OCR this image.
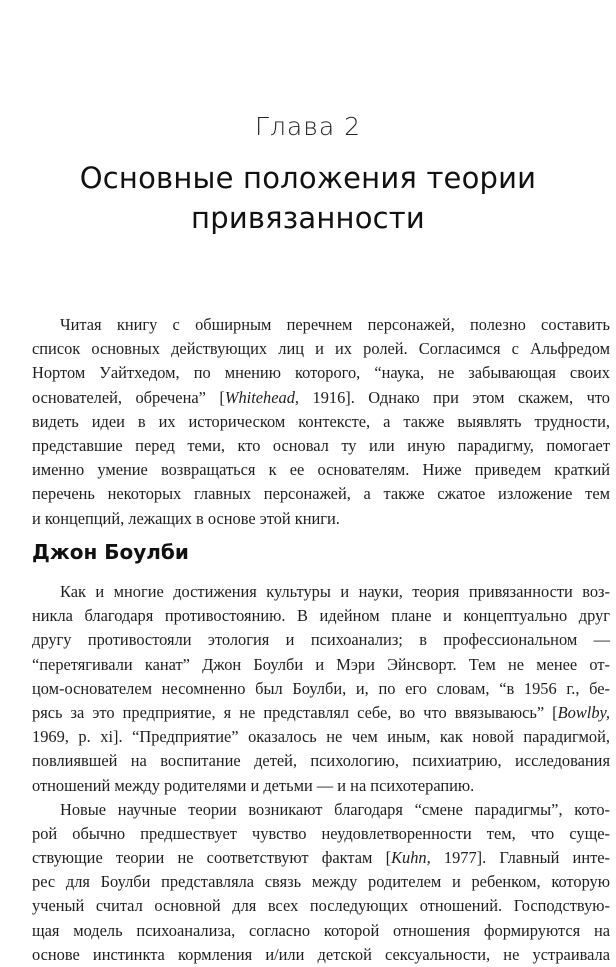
Глава 2
Основные положения теории
привязанности
Читая книгу с обширным перечнем персонажей, полезно составить
список основных действующих лиц и их ролей. Согласимся с Альфредом
Нортом Уайтхедом, по мнению которого, “наука, не забывающая своих
основателей, обречена” [Whitehead, 1916]. Однако при этом скажем, что
видеть идеи в их историческом контексте, а также выявлять трудности,
представшие перед теми, кто основал ту или иную парадигму, помогает
именно умение возвращаться к ее основателям. Ниже приведем краткий
перечень некоторых главных персонажей, а также сжатое изложение тем
и концепций, лежащих в основе этой книги.
Джон Боулби
Как и многие достижения культуры и науки, теория привязанности воз-
никла благодаря противостоянию. В идейном плане и концептуально друг
другу противостояли этология и психоанализ; в профессиональном —
“перетягивали канат” Джон Боулби и Мэри Эйнсворт. Тем не менее от-
цом-основателем несомненно был Боулби, и, по его словам, “в 1956 г., бе-
рясь за это предприятие, я не представлял себе, во что ввязываюсь” [Bowlby,
1969, p. xi]. “Предприятие” оказалось не чем иным, как новой парадигмой,
повлиявшей на воспитание детей, психологию, психиатрию, исследования
отношений между родителями и детьми — и на психотерапию.
Новые научные теории возникают благодаря “смене парадигмы”, кото-
рой обычно предшествует чувство неудовлетворенности тем, что суще-
ствующие теории не соответствуют фактам [Kuhn, 1977]. Главный инте-
рес для Боулби представляла связь между родителем и ребенком, которую
ученый считал основной для всех последующих отношений. Господствую-
щая модель психоанализа, согласно которой отношения формируются на
основе инстинкта кормления и/или детской сексуальности, не устраивала
